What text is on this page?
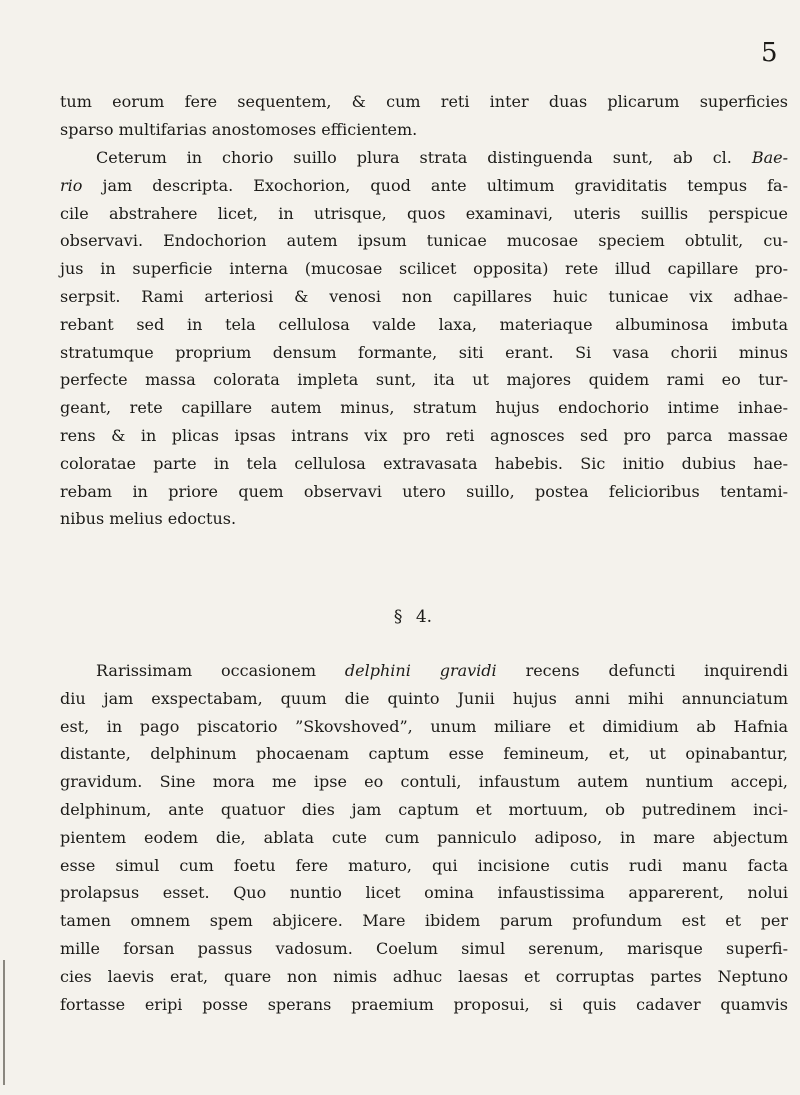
5
tum eorum fere sequentem, & cum reti inter duas plicarum superficies
sparso multifarias anostomoses efficientem.
Ceterum in chorio suillo plura strata distinguenda sunt, ab cl. Bae-
rio jam descripta. Exochorion, quod ante ultimum graviditatis tempus fa-
cile abstrahere licet, in utrisque, quos examinavi, uteris suillis perspicue
observavi. Endochorion autem ipsum tunicae mucosae speciem obtulit, cu-
jus in superficie interna (mucosae scilicet opposita) rete illud capillare pro-
serpsit. Rami arteriosi & venosi non capillares huic tunicae vix adhae-
rebant sed in tela cellulosa valde laxa, materiaque albuminosa imbuta
stratumque proprium densum formante, siti erant. Si vasa chorii minus
perfecte massa colorata impleta sunt, ita ut majores quidem rami eo tur-
geant, rete capillare autem minus, stratum hujus endochorio intime inhae-
rens & in plicas ipsas intrans vix pro reti agnosces sed pro parca massae
coloratae parte in tela cellulosa extravasata habebis. Sic initio dubius hae-
rebam in priore quem observavi utero suillo, postea felicioribus tentami-
nibus melius edoctus.
§ 4.
Rarissimam occasionem delphini gravidi recens defuncti inquirendi
diu jam exspectabam, quum die quinto Junii hujus anni mihi annunciatum
est, in pago piscatorio ”Skovshoved”, unum miliare et dimidium ab Hafnia
distante, delphinum phocaenam captum esse femineum, et, ut opinabantur,
gravidum. Sine mora me ipse eo contuli, infaustum autem nuntium accepi,
delphinum, ante quatuor dies jam captum et mortuum, ob putredinem inci-
pientem eodem die, ablata cute cum panniculo adiposo, in mare abjectum
esse simul cum foetu fere maturo, qui incisione cutis rudi manu facta
prolapsus esset. Quo nuntio licet omina infaustissima apparerent, nolui
tamen omnem spem abjicere. Mare ibidem parum profundum est et per
mille forsan passus vadosum. Coelum simul serenum, marisque superfi-
cies laevis erat, quare non nimis adhuc laesas et corruptas partes Neptuno
fortasse eripi posse sperans praemium proposui, si quis cadaver quamvis
